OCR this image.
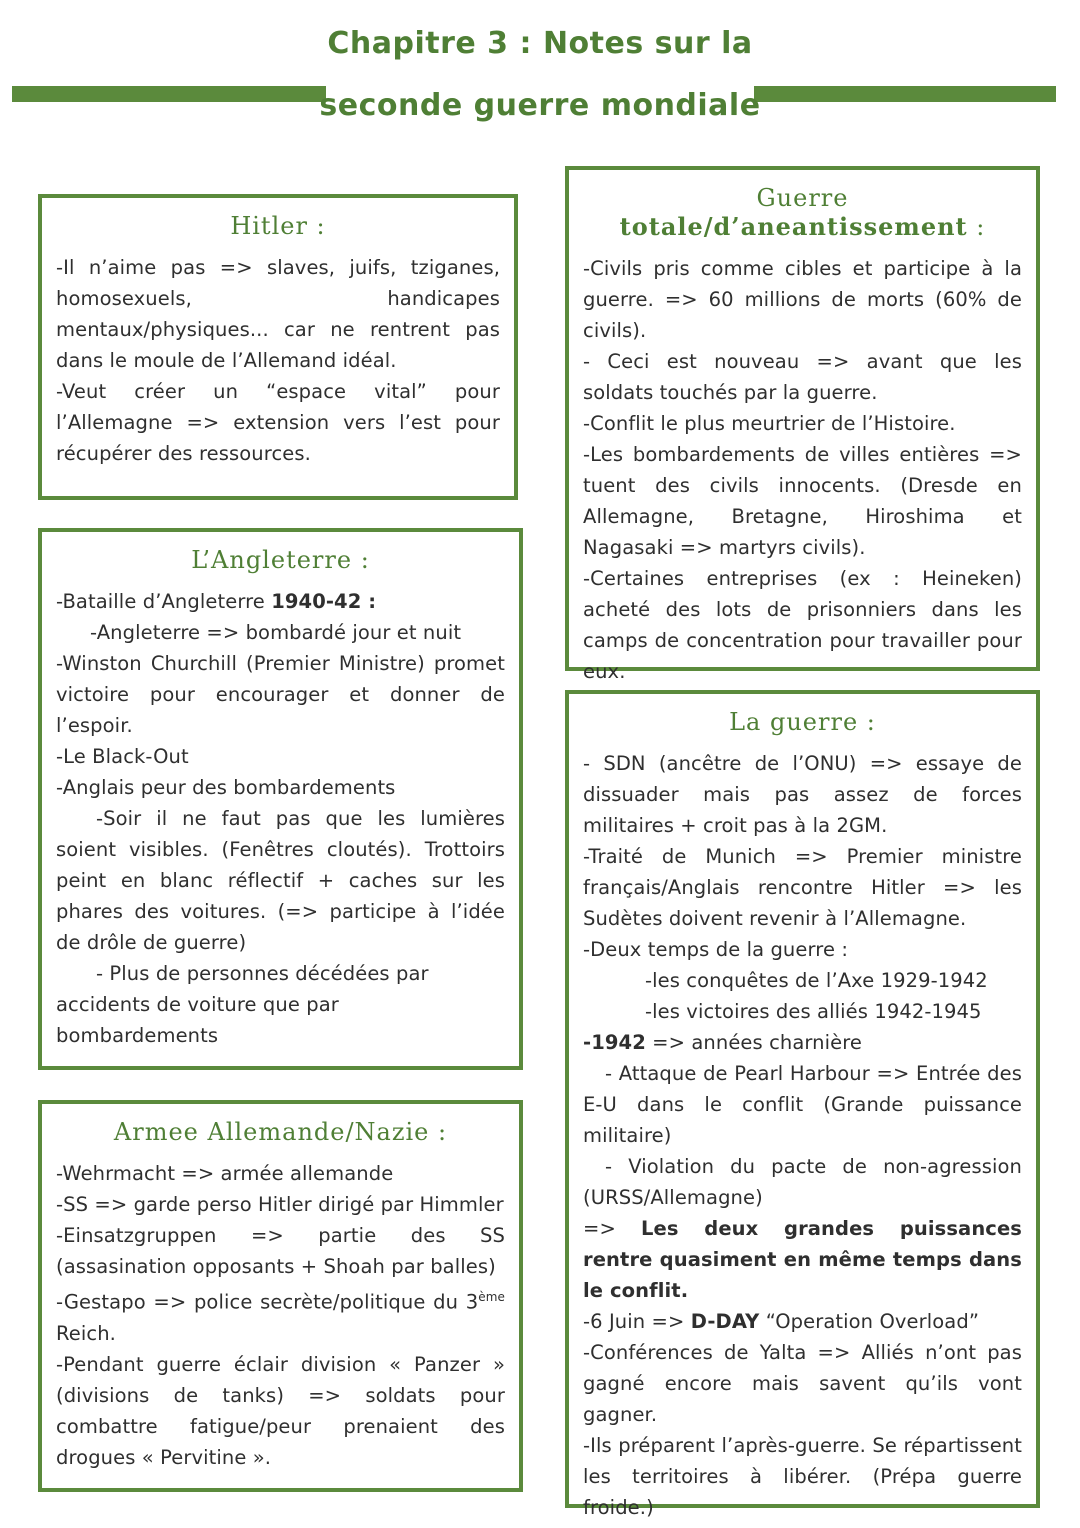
Chapitre 3 : Notes sur la
seconde guerre mondiale
Hitler :

-Il n’aime pas => slaves, juifs, tziganes, homosexuels, handicapes mentaux/physiques... car ne rentrent pas dans le moule de l’Allemand idéal.

-Veut créer un “espace vital” pour l’Allemagne => extension vers l’est pour récupérer des ressources.

L’Angleterre :

-Bataille d’Angleterre 1940-42 :

-Angleterre => bombardé jour et nuit

-Winston Churchill (Premier Ministre) promet victoire pour encourager et donner de l’espoir.

-Le Black-Out

-Anglais peur des bombardements

-Soir il ne faut pas que les lumières soient visibles. (Fenêtres cloutés). Trottoirs peint en blanc réflectif + caches sur les phares des voitures. (=> participe à l’idée de drôle de guerre)

- Plus de personnes décédées par accidents de voiture que par bombardements

Armee Allemande/Nazie :

-Wehrmacht => armée allemande

-SS => garde perso Hitler dirigé par Himmler

-Einsatzgruppen => partie des SS (assasination opposants + Shoah par balles)

-Gestapo => police secrète/politique du 3ème Reich.

-Pendant guerre éclair division « Panzer » (divisions de tanks) => soldats pour combattre fatigue/peur prenaient des drogues « Pervitine ».

Guerre totale/d’aneantissement :

-Civils pris comme cibles et participe à la guerre. => 60 millions de morts (60% de civils).

- Ceci est nouveau => avant que les soldats touchés par la guerre.

-Conflit le plus meurtrier de l’Histoire.

-Les bombardements de villes entières => tuent des civils innocents. (Dresde en Allemagne, Bretagne, Hiroshima et Nagasaki => martyrs civils).

-Certaines entreprises (ex : Heineken) acheté des lots de prisonniers dans les camps de concentration pour travailler pour eux.

La guerre :

- SDN (ancêtre de l’ONU) => essaye de dissuader mais pas assez de forces militaires + croit pas à la 2GM.

-Traité de Munich => Premier ministre français/Anglais rencontre Hitler => les Sudètes doivent revenir à l’Allemagne.

-Deux temps de la guerre :

-les conquêtes de l’Axe 1929-1942

-les victoires des alliés 1942-1945

-1942 => années charnière

- Attaque de Pearl Harbour => Entrée des E-U dans le conflit (Grande puissance militaire)

- Violation du pacte de non-agression (URSS/Allemagne)

=> Les deux grandes puissances rentre quasiment en même temps dans le conflit.

-6 Juin => D-DAY “Operation Overload”

-Conférences de Yalta => Alliés n’ont pas gagné encore mais savent qu’ils vont gagner.

-Ils préparent l’après-guerre. Se répartissent les territoires à libérer. (Prépa guerre froide.)
